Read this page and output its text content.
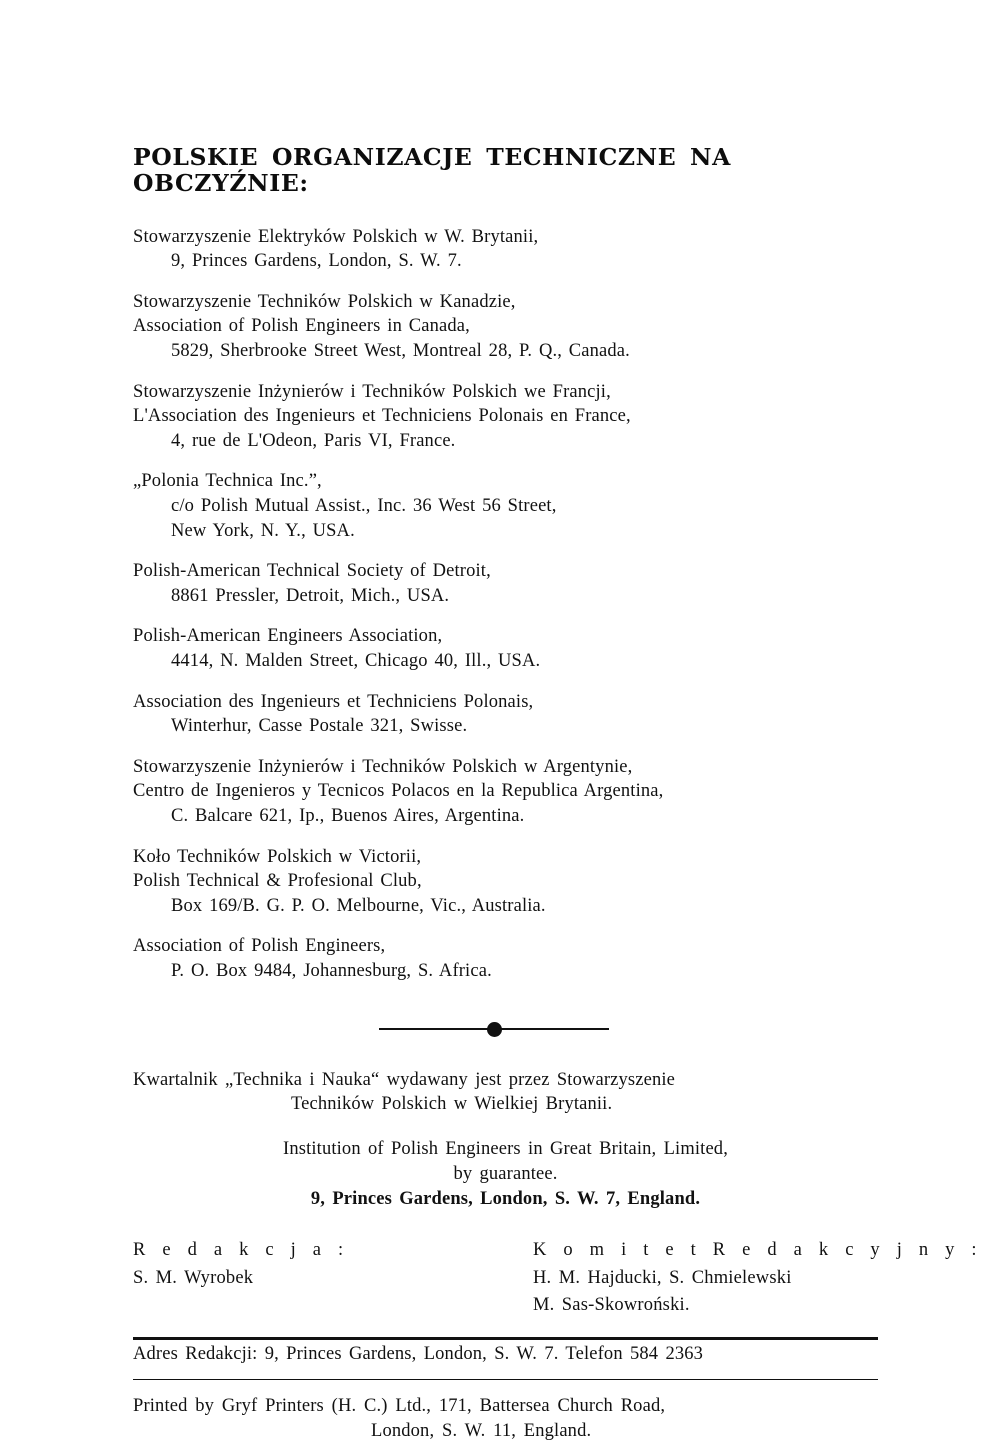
POLSKIE ORGANIZACJE TECHNICZNE NA OBCZYŹNIE:
Stowarzyszenie Elektryków Polskich w W. Brytanii,
9, Princes Gardens, London, S. W. 7.
Stowarzyszenie Techników Polskich w Kanadzie,
Association of Polish Engineers in Canada,
5829, Sherbrooke Street West, Montreal 28, P. Q., Canada.
Stowarzyszenie Inżynierów i Techników Polskich we Francji,
L'Association des Ingenieurs et Techniciens Polonais en France,
4, rue de L'Odeon, Paris VI, France.
„Polonia Technica Inc.”,
c/o Polish Mutual Assist., Inc. 36 West 56 Street,
New York, N. Y., USA.
Polish-American Technical Society of Detroit,
8861 Pressler, Detroit, Mich., USA.
Polish-American Engineers Association,
4414, N. Malden Street, Chicago 40, Ill., USA.
Association des Ingenieurs et Techniciens Polonais,
Winterhur, Casse Postale 321, Swisse.
Stowarzyszenie Inżynierów i Techników Polskich w Argentynie,
Centro de Ingenieros y Tecnicos Polacos en la Republica Argentina,
C. Balcare 621, Ip., Buenos Aires, Argentina.
Koło Techników Polskich w Victorii,
Polish Technical & Profesional Club,
Box 169/B. G. P. O. Melbourne, Vic., Australia.
Association of Polish Engineers,
P. O. Box 9484, Johannesburg, S. Africa.
Kwartalnik „Technika i Nauka“ wydawany jest przez Stowarzyszenie
Techników Polskich w Wielkiej Brytanii.
Institution of Polish Engineers in Great Britain, Limited,
by guarantee.
9, Princes Gardens, London, S. W. 7, England.
R e d a k c j a :
S. M. Wyrobek
K o m i t e t R e d a k c y j n y :
H. M. Hajducki, S. Chmielewski
M. Sas-Skowroński.
Adres Redakcji: 9, Princes Gardens, London, S. W. 7. Telefon 584 2363
Printed by Gryf Printers (H. C.) Ltd., 171, Battersea Church Road,
London, S. W. 11, England.
